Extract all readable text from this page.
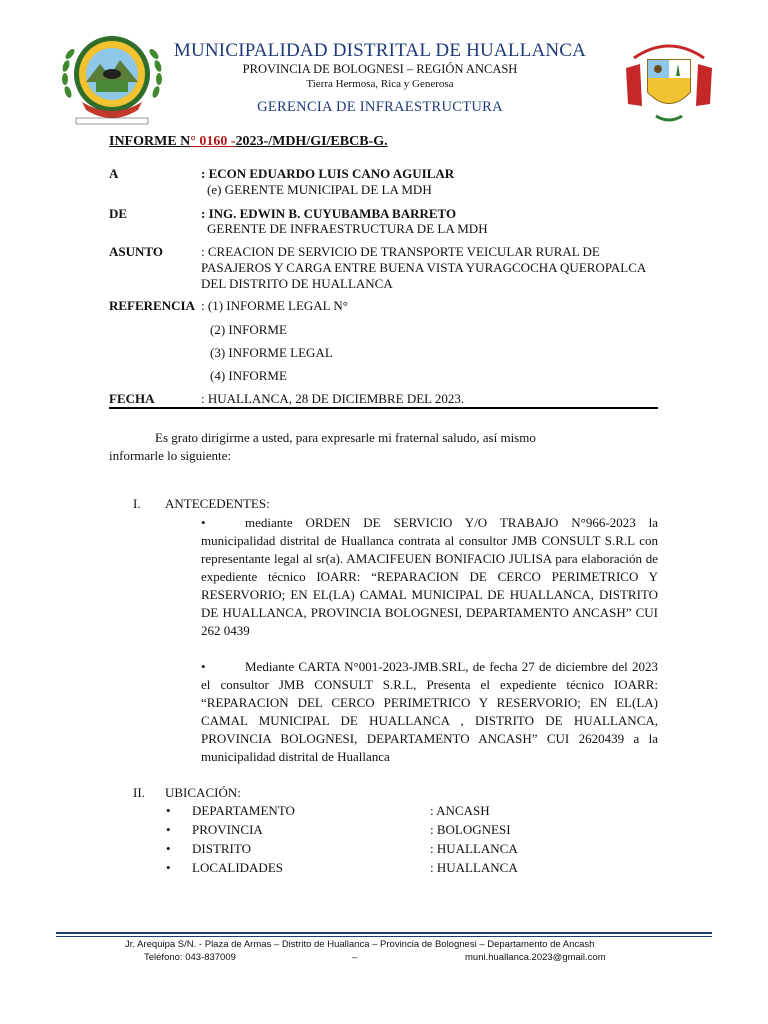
MUNICIPALIDAD DISTRITAL DE HUALLANCA
PROVINCIA DE BOLOGNESI – REGIÓN ANCASH
Tierra Hermosa, Rica y Generosa
GERENCIA DE INFRAESTRUCTURA
INFORME N° 0160 -2023-/MDH/GI/EBCB-G.
A	: ECON EDUARDO LUIS CANO AGUILAR
(e) GERENTE MUNICIPAL DE LA MDH
DE	: ING. EDWIN B. CUYUBAMBA BARRETO
GERENTE DE INFRAESTRUCTURA DE LA MDH
ASUNTO	: CREACION DE SERVICIO DE TRANSPORTE VEICULAR RURAL DE
PASAJEROS Y CARGA ENTRE BUENA VISTA YURAGCOCHA QUEROPALCA
DEL DISTRITO DE HUALLANCA
REFERENCIA : (1) INFORME LEGAL N°
(2) INFORME
(3) INFORME LEGAL
(4) INFORME
FECHA	: HUALLANCA, 28 DE DICIEMBRE DEL 2023.
Es grato dirigirme a usted, para expresarle mi fraternal saludo, así mismo
informarle lo siguiente:
I. ANTECEDENTES:
•	mediante ORDEN DE SERVICIO Y/O TRABAJO N°966-2023 la municipalidad distrital de Huallanca contrata al consultor JMB CONSULT S.R.L con representante legal al sr(a). AMACIFEUEN BONIFACIO JULISA para elaboración de expediente técnico IOARR: “REPARACION DE CERCO PERIMETRICO Y RESERVORIO; EN EL(LA) CAMAL MUNICIPAL DE HUALLANCA, DISTRITO DE HUALLANCA, PROVINCIA BOLOGNESI, DEPARTAMENTO ANCASH” CUI 262 0439
•	Mediante CARTA N°001-2023-JMB.SRL, de fecha 27 de diciembre del 2023 el consultor JMB CONSULT S.R.L, Presenta el expediente técnico IOARR: “REPARACION DEL CERCO PERIMETRICO Y RESERVORIO; EN EL(LA) CAMAL MUNICIPAL DE HUALLANCA , DISTRITO DE HUALLANCA, PROVINCIA BOLOGNESI, DEPARTAMENTO ANCASH” CUI 2620439 a la municipalidad distrital de Huallanca
II. UBICACIÓN:
• DEPARTAMENTO	: ANCASH
• PROVINCIA	: BOLOGNESI
• DISTRITO	: HUALLANCA
• LOCALIDADES	: HUALLANCA
Jr. Arequipa S/N. - Plaza de Armas – Distrito de Huallanca – Provincia de Bolognesi – Departamento de Ancash
Teléfono: 043-837009	–	muni.huallanca.2023@gmail.com
